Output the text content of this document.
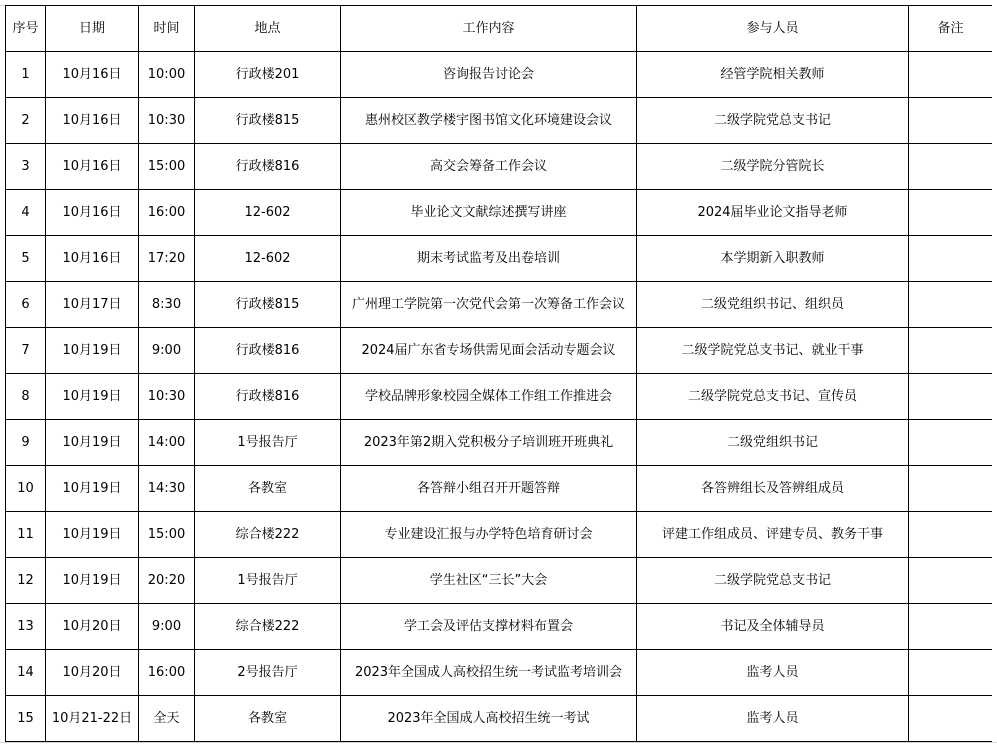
序号	日期	时间	地点	工作内容	参与人员	备注
1	10月16日	10:00	行政楼201	咨询报告讨论会	经管学院相关教师	
2	10月16日	10:30	行政楼815	惠州校区教学楼宇图书馆文化环境建设会议	二级学院党总支书记	
3	10月16日	15:00	行政楼816	高交会筹备工作会议	二级学院分管院长	
4	10月16日	16:00	12-602	毕业论文文献综述撰写讲座	2024届毕业论文指导老师	
5	10月16日	17:20	12-602	期末考试监考及出卷培训	本学期新入职教师	
6	10月17日	8:30	行政楼815	广州理工学院第一次党代会第一次筹备工作会议	二级党组织书记、组织员	
7	10月19日	9:00	行政楼816	2024届广东省专场供需见面会活动专题会议	二级学院党总支书记、就业干事	
8	10月19日	10:30	行政楼816	学校品牌形象校园全媒体工作组工作推进会	二级学院党总支书记、宣传员	
9	10月19日	14:00	1号报告厅	2023年第2期入党积极分子培训班开班典礼	二级党组织书记	
10	10月19日	14:30	各教室	各答辩小组召开开题答辩	各答辨组长及答辨组成员	
11	10月19日	15:00	综合楼222	专业建设汇报与办学特色培育研讨会	评建工作组成员、评建专员、教务干事	
12	10月19日	20:20	1号报告厅	学生社区“三长”大会	二级学院党总支书记	
13	10月20日	9:00	综合楼222	学工会及评估支撑材料布置会	书记及全体辅导员	
14	10月20日	16:00	2号报告厅	2023年全国成人高校招生统一考试监考培训会	监考人员	
15	10月21-22日	全天	各教室	2023年全国成人高校招生统一考试	监考人员	
